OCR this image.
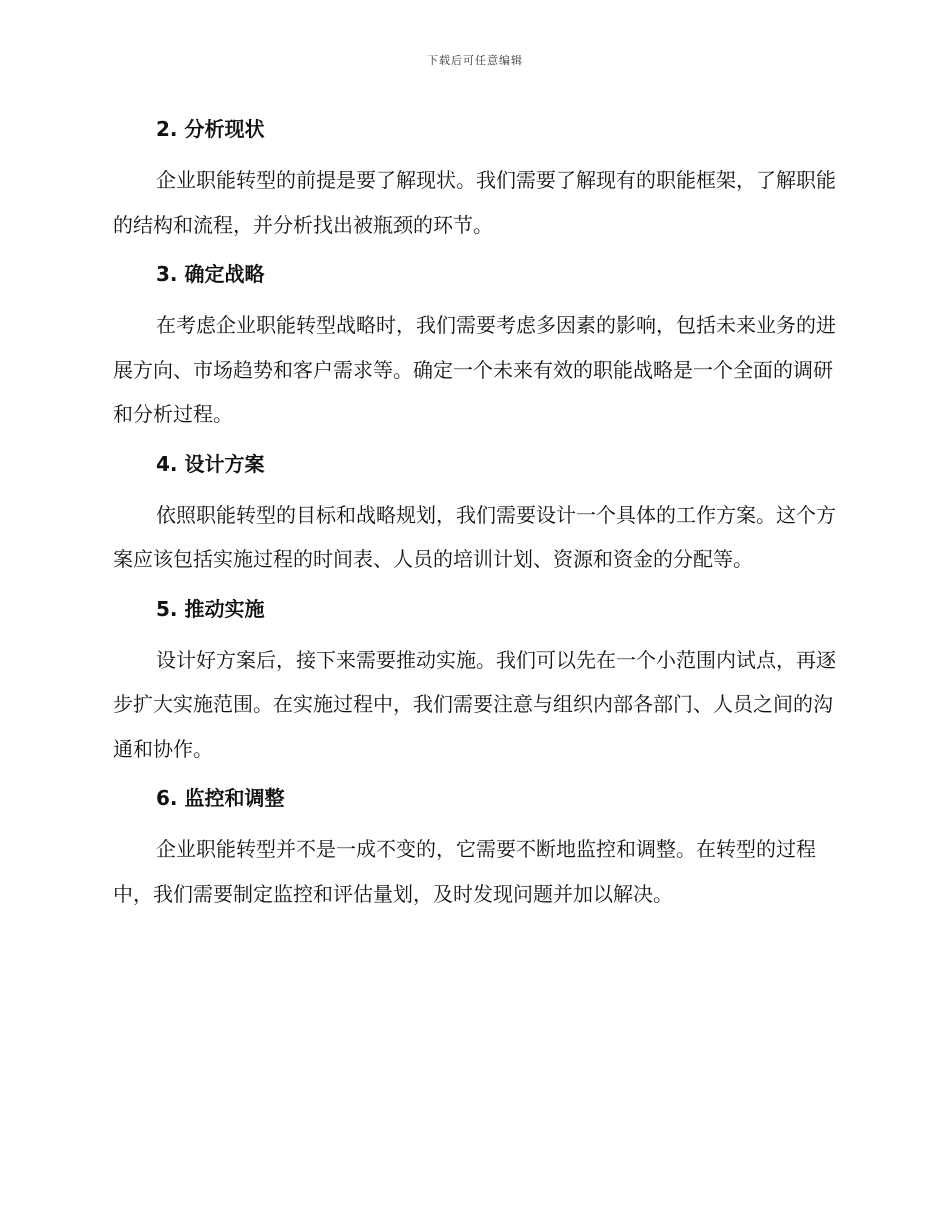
下载后可任意编辑
2. 分析现状

企业职能转型的前提是要了解现状。我们需要了解现有的职能框架，了解职能的结构和流程，并分析找出被瓶颈的环节。

3. 确定战略

在考虑企业职能转型战略时，我们需要考虑多因素的影响，包括未来业务的进展方向、市场趋势和客户需求等。确定一个未来有效的职能战略是一个全面的调研和分析过程。

4. 设计方案

依照职能转型的目标和战略规划，我们需要设计一个具体的工作方案。这个方案应该包括实施过程的时间表、人员的培训计划、资源和资金的分配等。

5. 推动实施

设计好方案后，接下来需要推动实施。我们可以先在一个小范围内试点，再逐步扩大实施范围。在实施过程中，我们需要注意与组织内部各部门、人员之间的沟通和协作。

6. 监控和调整

企业职能转型并不是一成不变的，它需要不断地监控和调整。在转型的过程中，我们需要制定监控和评估量划，及时发现问题并加以解决。
